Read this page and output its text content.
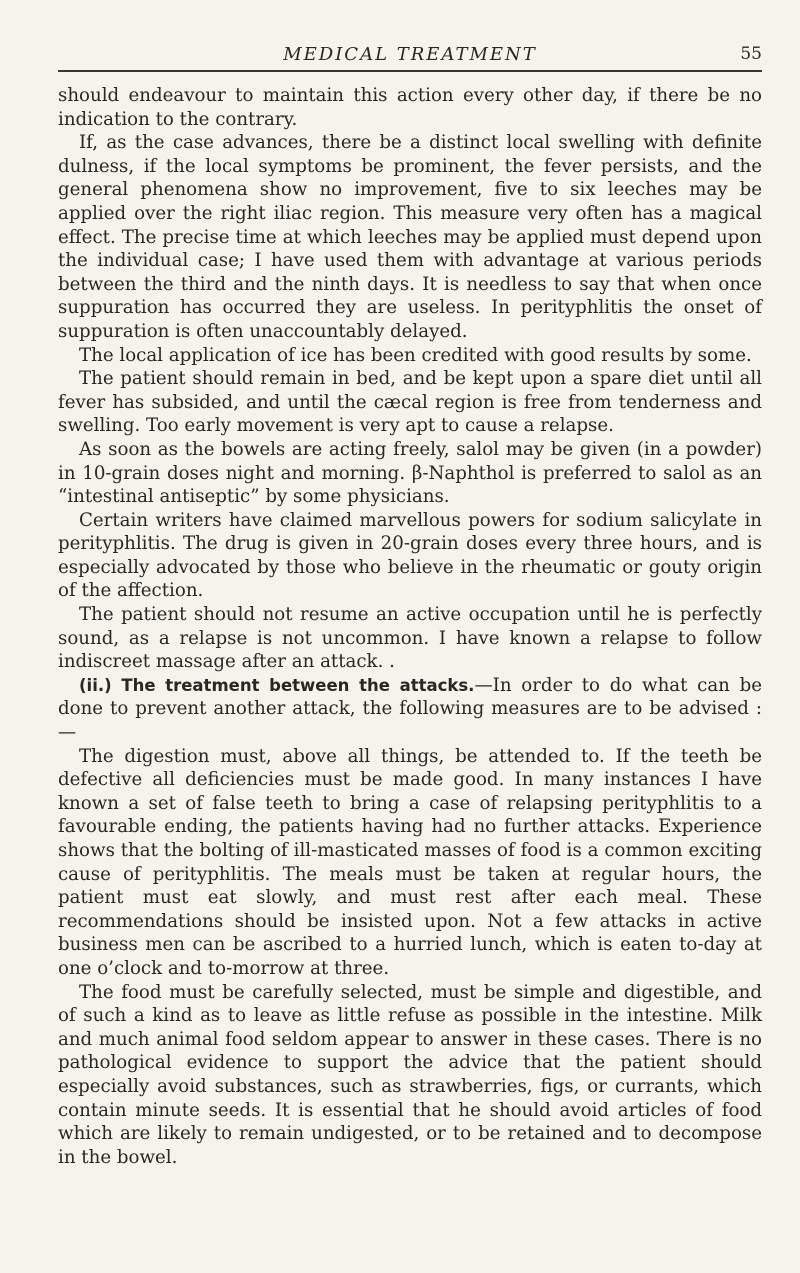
MEDICAL TREATMENT	55

should endeavour to maintain this action every other day, if there be no indication to the contrary.

If, as the case advances, there be a distinct local swelling with definite dulness, if the local symptoms be prominent, the fever persists, and the general phenomena show no improvement, five to six leeches may be applied over the right iliac region. This measure very often has a magical effect. The precise time at which leeches may be applied must depend upon the individual case; I have used them with advantage at various periods between the third and the ninth days. It is needless to say that when once suppuration has occurred they are useless. In perityphlitis the onset of suppuration is often unaccountably delayed.

The local application of ice has been credited with good results by some.

The patient should remain in bed, and be kept upon a spare diet until all fever has subsided, and until the cæcal region is free from tenderness and swelling. Too early movement is very apt to cause a relapse.

As soon as the bowels are acting freely, salol may be given (in a powder) in 10-grain doses night and morning. β-Naphthol is preferred to salol as an “intestinal antiseptic” by some physicians.

Certain writers have claimed marvellous powers for sodium salicylate in perityphlitis. The drug is given in 20-grain doses every three hours, and is especially advocated by those who believe in the rheumatic or gouty origin of the affection.

The patient should not resume an active occupation until he is perfectly sound, as a relapse is not uncommon. I have known a relapse to follow indiscreet massage after an attack. .

(ii.) The treatment between the attacks.—In order to do what can be done to prevent another attack, the following measures are to be advised :—

The digestion must, above all things, be attended to. If the teeth be defective all deficiencies must be made good. In many instances I have known a set of false teeth to bring a case of relapsing perityphlitis to a favourable ending, the patients having had no further attacks. Experience shows that the bolting of ill-masticated masses of food is a common exciting cause of perityphlitis. The meals must be taken at regular hours, the patient must eat slowly, and must rest after each meal. These recommendations should be insisted upon. Not a few attacks in active business men can be ascribed to a hurried lunch, which is eaten to-day at one o’clock and to-morrow at three.

The food must be carefully selected, must be simple and digestible, and of such a kind as to leave as little refuse as possible in the intestine. Milk and much animal food seldom appear to answer in these cases. There is no pathological evidence to support the advice that the patient should especially avoid substances, such as strawberries, figs, or currants, which contain minute seeds. It is essential that he should avoid articles of food which are likely to remain undigested, or to be retained and to decompose in the bowel.
